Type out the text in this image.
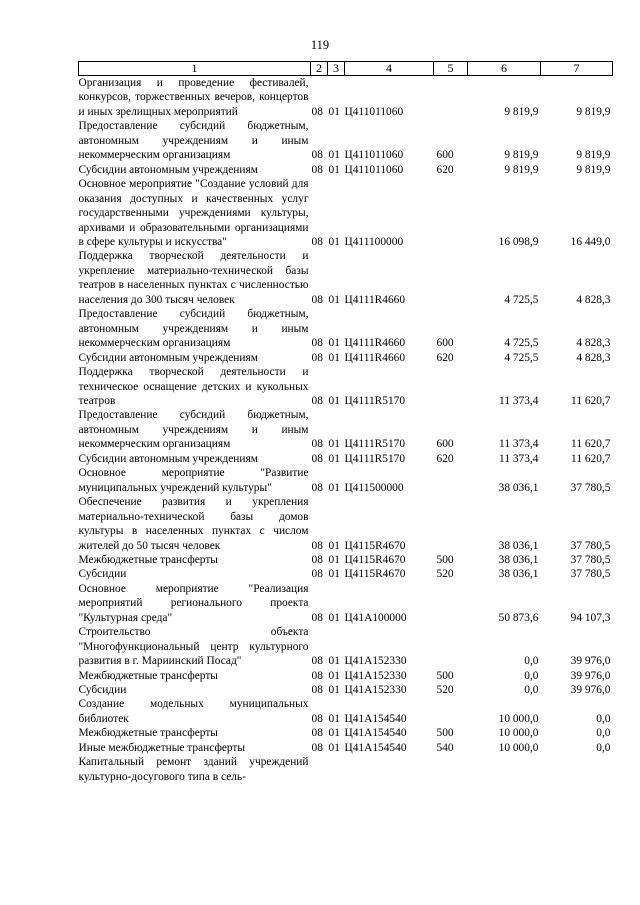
119
1	2	3	4	5	6	7
Организация и проведение фестивалей, конкурсов, торжественных вечеров, концертов и иных зрелищных мероприятий	08	01	Ц411011060		9 819,9	9 819,9
Предоставление субсидий бюджетным, автономным учреждениям и иным некоммерческим организациям	08	01	Ц411011060	600	9 819,9	9 819,9
Субсидии автономным учреждениям	08	01	Ц411011060	620	9 819,9	9 819,9
Основное мероприятие "Создание условий для оказания доступных и качественных услуг государственными учреждениями культуры, архивами и образовательными организациями в сфере культуры и искусства"	08	01	Ц411100000		16 098,9	16 449,0
Поддержка творческой деятельности и укрепление материально-технической базы театров в населенных пунктах с численностью населения до 300 тысяч человек	08	01	Ц4111R4660		4 725,5	4 828,3
Предоставление субсидий бюджетным, автономным учреждениям и иным некоммерческим организациям	08	01	Ц4111R4660	600	4 725,5	4 828,3
Субсидии автономным учреждениям	08	01	Ц4111R4660	620	4 725,5	4 828,3
Поддержка творческой деятельности и техническое оснащение детских и кукольных театров	08	01	Ц4111R5170		11 373,4	11 620,7
Предоставление субсидий бюджетным, автономным учреждениям и иным некоммерческим организациям	08	01	Ц4111R5170	600	11 373,4	11 620,7
Субсидии автономным учреждениям	08	01	Ц4111R5170	620	11 373,4	11 620,7
Основное мероприятие "Развитие муниципальных учреждений культуры"	08	01	Ц411500000		38 036,1	37 780,5
Обеспечение развития и укрепления материально-технической базы домов культуры в населенных пунктах с числом жителей до 50 тысяч человек	08	01	Ц4115R4670		38 036,1	37 780,5
Межбюджетные трансферты	08	01	Ц4115R4670	500	38 036,1	37 780,5
Субсидии	08	01	Ц4115R4670	520	38 036,1	37 780,5
Основное мероприятие "Реализация мероприятий регионального проекта "Культурная среда"	08	01	Ц41A100000		50 873,6	94 107,3
Строительство объекта "Многофункциональный центр культурного развития в г. Мариинский Посад"	08	01	Ц41A152330		0,0	39 976,0
Межбюджетные трансферты	08	01	Ц41A152330	500	0,0	39 976,0
Субсидии	08	01	Ц41A152330	520	0,0	39 976,0
Создание модельных муниципальных библиотек	08	01	Ц41A154540		10 000,0	0,0
Межбюджетные трансферты	08	01	Ц41A154540	500	10 000,0	0,0
Иные межбюджетные трансферты	08	01	Ц41A154540	540	10 000,0	0,0
Капитальный ремонт зданий учреждений культурно-досугового типа в сель-						
